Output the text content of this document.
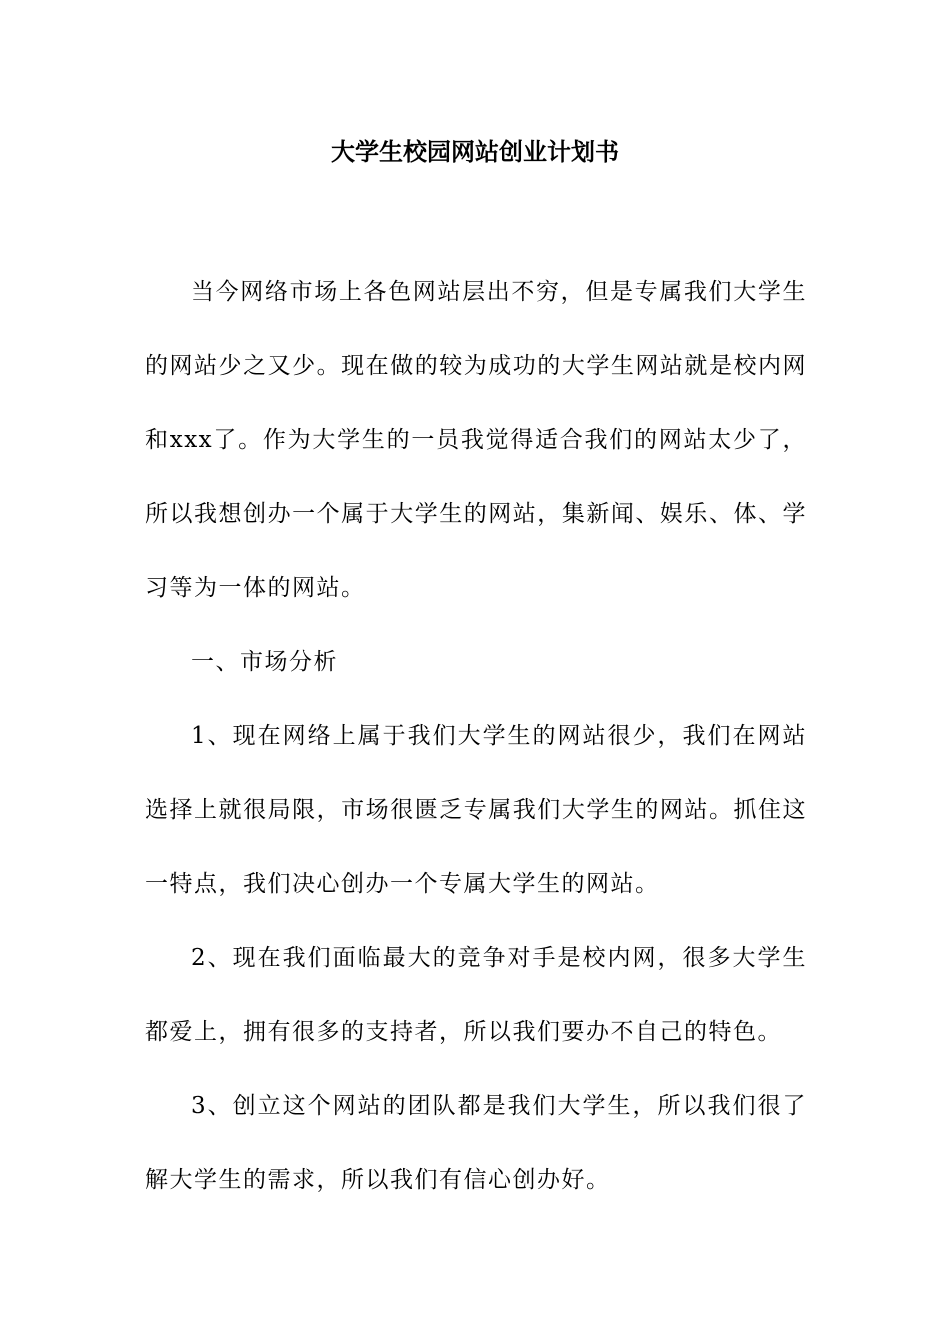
大学生校园网站创业计划书

当今网络市场上各色网站层出不穷，但是专属我们大学生的网站少之又少。现在做的较为成功的大学生网站就是校内网和xxx了。作为大学生的一员我觉得适合我们的网站太少了，所以我想创办一个属于大学生的网站，集新闻、娱乐、体、学习等为一体的网站。

一、市场分析

1、现在网络上属于我们大学生的网站很少，我们在网站选择上就很局限，市场很匮乏专属我们大学生的网站。抓住这一特点，我们决心创办一个专属大学生的网站。

2、现在我们面临最大的竞争对手是校内网，很多大学生都爱上，拥有很多的支持者，所以我们要办不自己的特色。

3、创立这个网站的团队都是我们大学生，所以我们很了解大学生的需求，所以我们有信心创办好。
